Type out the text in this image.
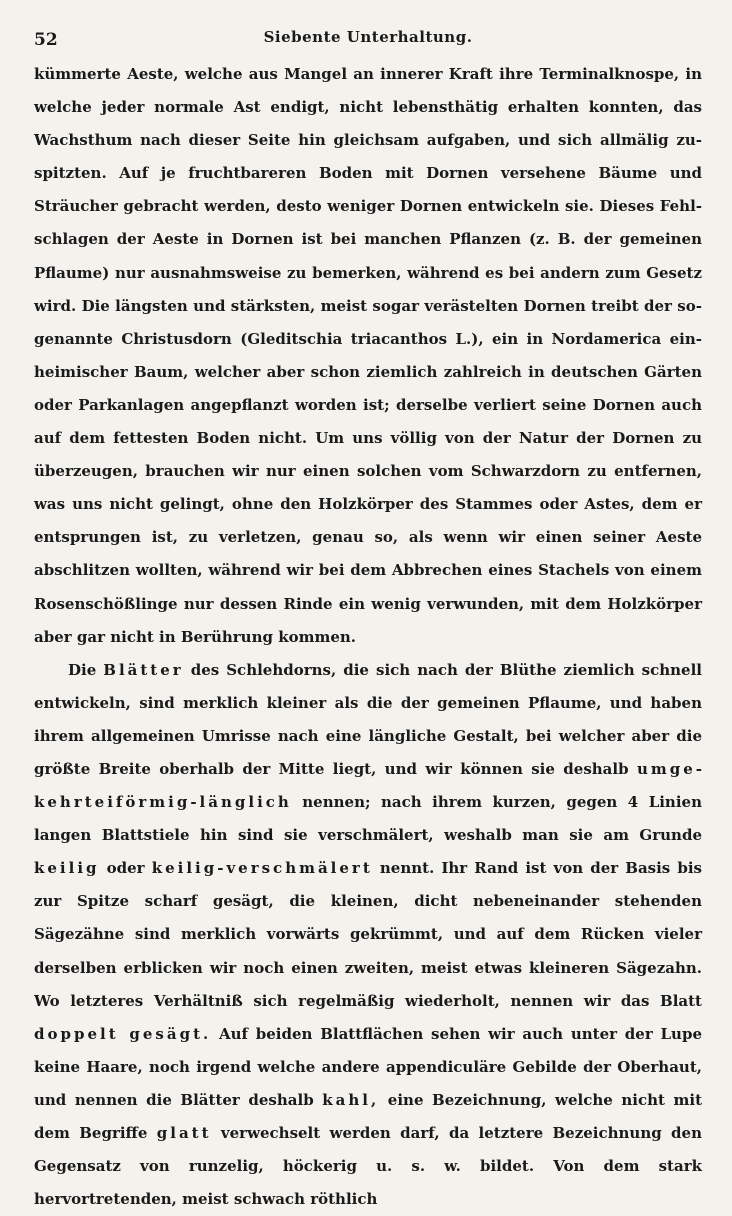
52	Siebente Unterhaltung.

kümmerte Aeste, welche aus Mangel an innerer Kraft ihre Terminalknospe, in welche jeder normale Ast endigt, nicht lebensthätig erhalten konnten, das Wachsthum nach dieser Seite hin gleichsam aufgaben, und sich allmälig zuspitzten. Auf je fruchtbareren Boden mit Dornen versehene Bäume und Sträucher gebracht werden, desto weniger Dornen entwickeln sie. Dieses Fehlschlagen der Aeste in Dornen ist bei manchen Pflanzen (z. B. der gemeinen Pflaume) nur ausnahmsweise zu bemerken, während es bei andern zum Gesetz wird. Die längsten und stärksten, meist sogar verästelten Dornen treibt der sogenannte Christusdorn (Gleditschia triacanthos L.), ein in Nordamerica einheimischer Baum, welcher aber schon ziemlich zahlreich in deutschen Gärten oder Parkanlagen angepflanzt worden ist; derselbe verliert seine Dornen auch auf dem fettesten Boden nicht. Um uns völlig von der Natur der Dornen zu überzeugen, brauchen wir nur einen solchen vom Schwarzdorn zu entfernen, was uns nicht gelingt, ohne den Holzkörper des Stammes oder Astes, dem er entsprungen ist, zu verletzen, genau so, als wenn wir einen seiner Aeste abschlitzen wollten, während wir bei dem Abbrechen eines Stachels von einem Rosenschößlinge nur dessen Rinde ein wenig verwunden, mit dem Holzkörper aber gar nicht in Berührung kommen.

Die Blätter des Schlehdorns, die sich nach der Blüthe ziemlich schnell entwickeln, sind merklich kleiner als die der gemeinen Pflaume, und haben ihrem allgemeinen Umrisse nach eine längliche Gestalt, bei welcher aber die größte Breite oberhalb der Mitte liegt, und wir können sie deshalb umgekehrteiförmig-länglich nennen; nach ihrem kurzen, gegen 4 Linien langen Blattstiele hin sind sie verschmälert, weshalb man sie am Grunde keilig oder keilig-verschmälert nennt. Ihr Rand ist von der Basis bis zur Spitze scharf gesägt, die kleinen, dicht nebeneinander stehenden Sägezähne sind merklich vorwärts gekrümmt, und auf dem Rücken vieler derselben erblicken wir noch einen zweiten, meist etwas kleineren Sägezahn. Wo letzteres Verhältniß sich regelmäßig wiederholt, nennen wir das Blatt doppelt gesägt. Auf beiden Blattflächen sehen wir auch unter der Lupe keine Haare, noch irgend welche andere appendiculäre Gebilde der Oberhaut, und nennen die Blätter deshalb kahl, eine Bezeichnung, welche nicht mit dem Begriffe glatt verwechselt werden darf, da letztere Bezeichnung den Gegensatz von runzelig, höckerig u. s. w. bildet. Von dem stark hervortretenden, meist schwach röthlich
